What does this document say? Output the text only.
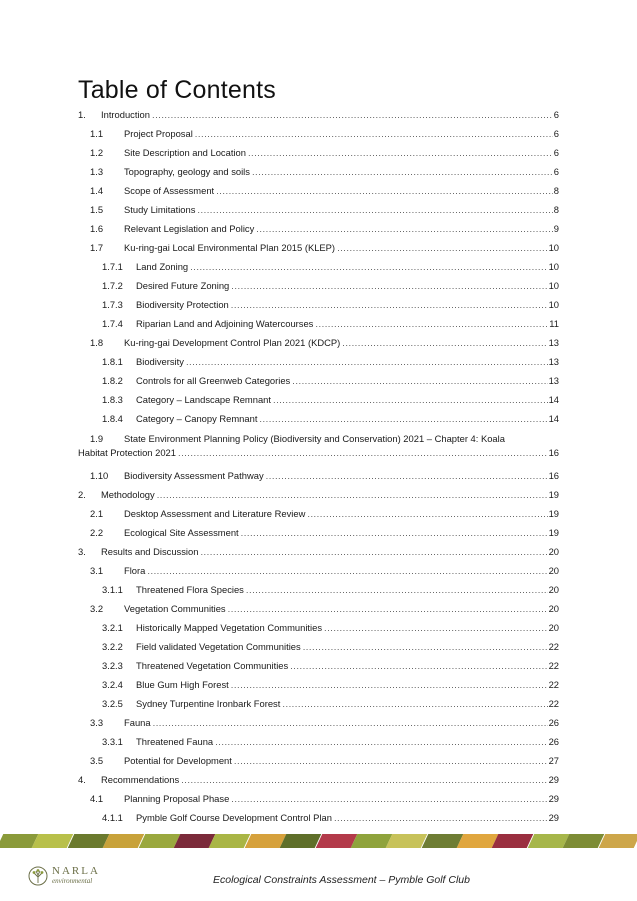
Table of Contents
1.	Introduction .....	6
1.1	Project Proposal .....	6
1.2	Site Description and Location .....	6
1.3	Topography, geology and soils .....	6
1.4	Scope of Assessment .....	8
1.5	Study Limitations .....	8
1.6	Relevant Legislation and Policy .....	9
1.7	Ku-ring-gai Local Environmental Plan 2015 (KLEP) .....	10
1.7.1	Land Zoning .....	10
1.7.2	Desired Future Zoning .....	10
1.7.3	Biodiversity Protection .....	10
1.7.4	Riparian Land and Adjoining Watercourses .....	11
1.8	Ku-ring-gai Development Control Plan 2021 (KDCP) .....	13
1.8.1	Biodiversity .....	13
1.8.2	Controls for all Greenweb Categories .....	13
1.8.3	Category – Landscape Remnant .....	14
1.8.4	Category – Canopy Remnant .....	14
1.9	State Environment Planning Policy (Biodiversity and Conservation) 2021 – Chapter 4: Koala
Habitat Protection 2021 .....	16
1.10	Biodiversity Assessment Pathway .....	16
2.	Methodology .....	19
2.1	Desktop Assessment and Literature Review .....	19
2.2	Ecological Site Assessment .....	19
3.	Results and Discussion .....	20
3.1	Flora .....	20
3.1.1	Threatened Flora Species .....	20
3.2	Vegetation Communities .....	20
3.2.1	Historically Mapped Vegetation Communities .....	20
3.2.2	Field validated Vegetation Communities .....	22
3.2.3	Threatened Vegetation Communities .....	22
3.2.4	Blue Gum High Forest .....	22
3.2.5	Sydney Turpentine Ironbark Forest .....	22
3.3	Fauna .....	26
3.3.1	Threatened Fauna .....	26
3.5	Potential for Development .....	27
4.	Recommendations .....	29
4.1	Planning Proposal Phase .....	29
4.1.1	Pymble Golf Course Development Control Plan .....	29
NARLA
environmental	Ecological Constraints Assessment – Pymble Golf Club
